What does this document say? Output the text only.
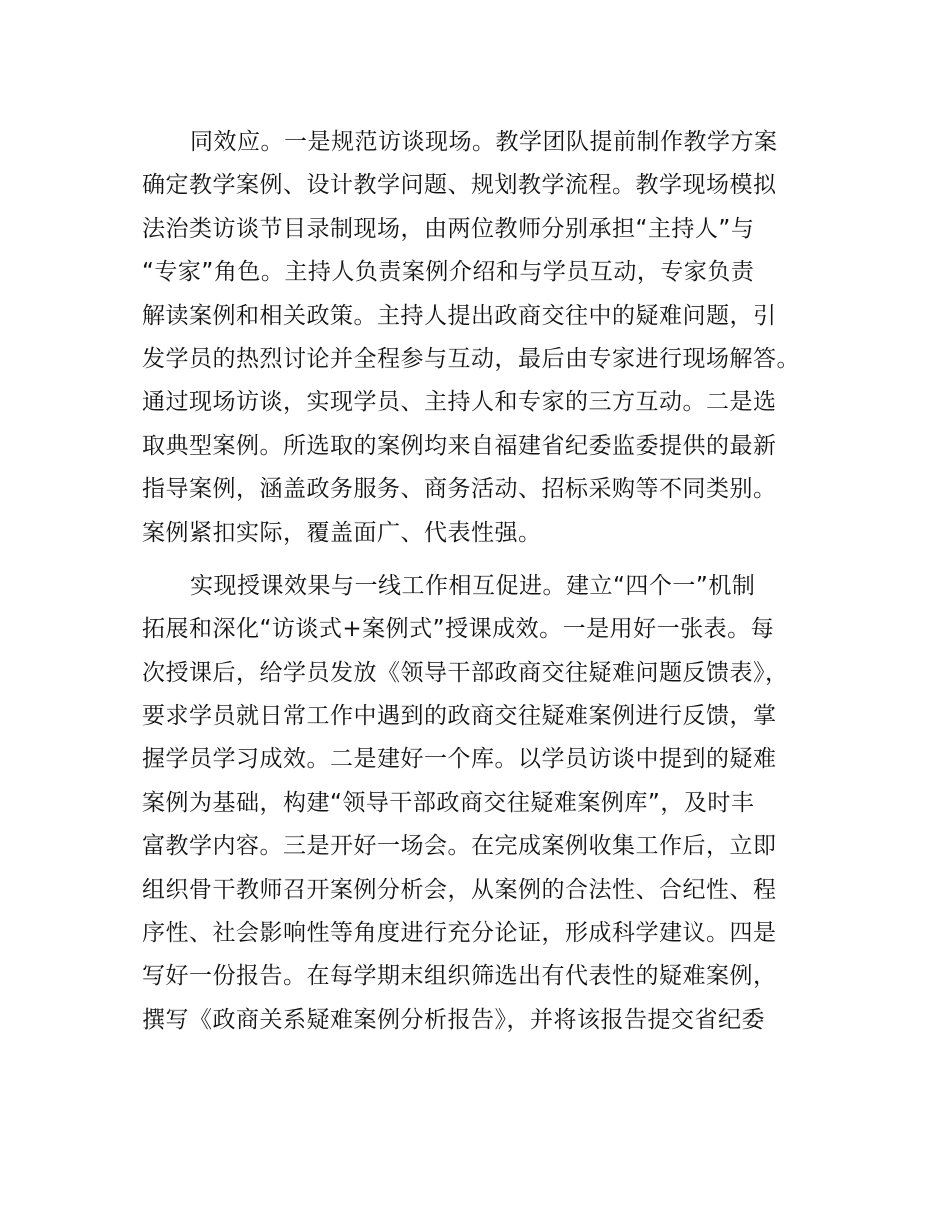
同效应。一是规范访谈现场。教学团队提前制作教学方案
确定教学案例、设计教学问题、规划教学流程。教学现场模拟
法治类访谈节目录制现场，由两位教师分别承担“主持人”与
“专家”角色。主持人负责案例介绍和与学员互动，专家负责
解读案例和相关政策。主持人提出政商交往中的疑难问题，引
发学员的热烈讨论并全程参与互动，最后由专家进行现场解答。
通过现场访谈，实现学员、主持人和专家的三方互动。二是选
取典型案例。所选取的案例均来自福建省纪委监委提供的最新
指导案例，涵盖政务服务、商务活动、招标采购等不同类别。
案例紧扣实际，覆盖面广、代表性强。
实现授课效果与一线工作相互促进。建立“四个一”机制
拓展和深化“访谈式+案例式”授课成效。一是用好一张表。每
次授课后，给学员发放《领导干部政商交往疑难问题反馈表》，
要求学员就日常工作中遇到的政商交往疑难案例进行反馈，掌
握学员学习成效。二是建好一个库。以学员访谈中提到的疑难
案例为基础，构建“领导干部政商交往疑难案例库”，及时丰
富教学内容。三是开好一场会。在完成案例收集工作后，立即
组织骨干教师召开案例分析会，从案例的合法性、合纪性、程
序性、社会影响性等角度进行充分论证，形成科学建议。四是
写好一份报告。在每学期末组织筛选出有代表性的疑难案例，
撰写《政商关系疑难案例分析报告》，并将该报告提交省纪委
